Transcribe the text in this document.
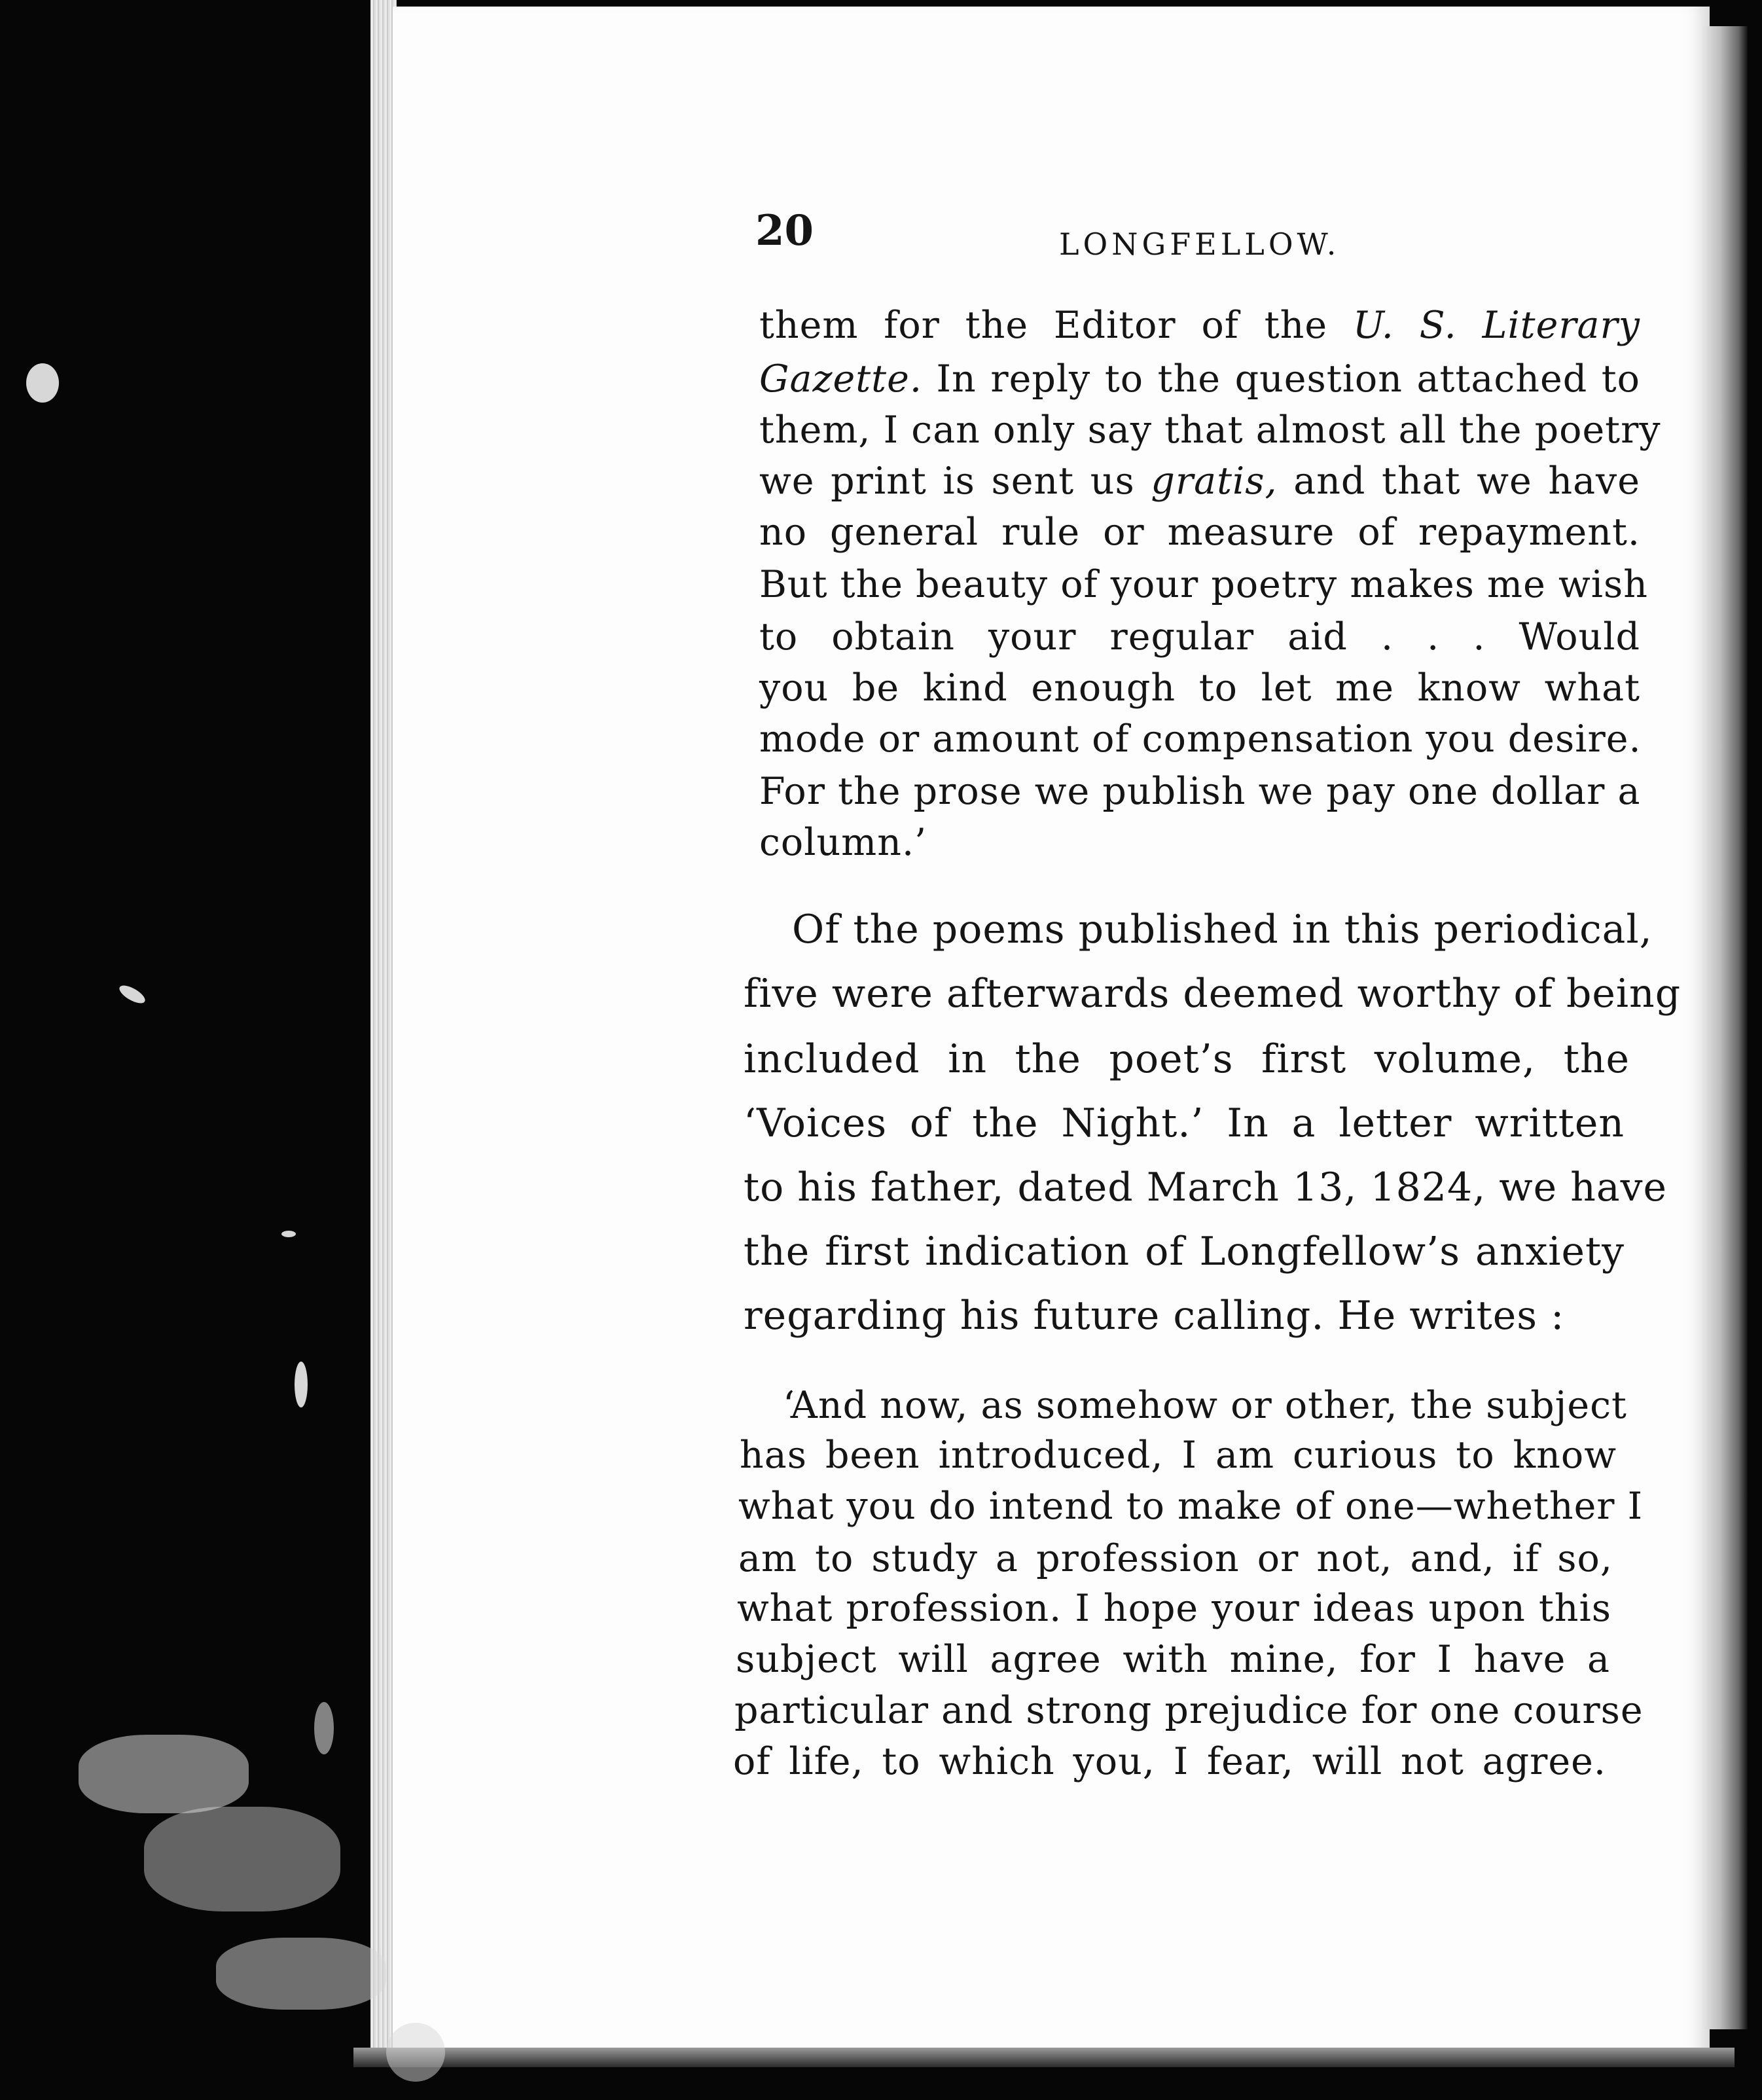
20	LONGFELLOW.
them for the Editor of the U. S. Literary
Gazette. In reply to the question attached to
them, I can only say that almost all the poetry
we print is sent us gratis, and that we have
no general rule or measure of repayment.
But the beauty of your poetry makes me wish
to obtain your regular aid . . . Would
you be kind enough to let me know what
mode or amount of compensation you desire.
For the prose we publish we pay one dollar a
column.’
Of the poems published in this periodical,
five were afterwards deemed worthy of being
included in the poet’s first volume, the
‘Voices of the Night.’ In a letter written
to his father, dated March 13, 1824, we have
the first indication of Longfellow’s anxiety
regarding his future calling. He writes :
‘And now, as somehow or other, the subject
has been introduced, I am curious to know
what you do intend to make of one—whether I
am to study a profession or not, and, if so,
what profession. I hope your ideas upon this
subject will agree with mine, for I have a
particular and strong prejudice for one course
of life, to which you, I fear, will not agree.
